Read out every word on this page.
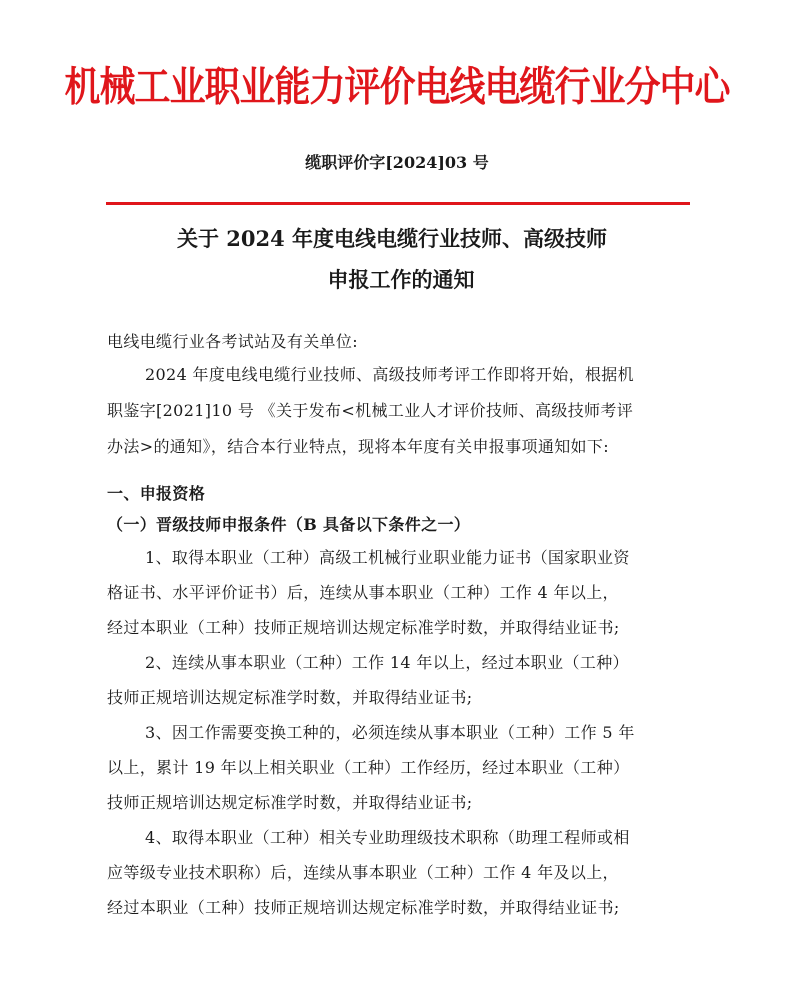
机械工业职业能力评价电线电缆行业分中心
缆职评价字[2024]03 号
关于 2024 年度电线电缆行业技师、高级技师
申报工作的通知
电线电缆行业各考试站及有关单位:
2024 年度电线电缆行业技师、高级技师考评工作即将开始，根据机
职鉴字[2021]10 号 《关于发布<机械工业人才评价技师、高级技师考评
办法>的通知》，结合本行业特点，现将本年度有关申报事项通知如下:
一、申报资格
（一）晋级技师申报条件（B 具备以下条件之一）
1、取得本职业（工种）高级工机械行业职业能力证书（国家职业资
格证书、水平评价证书）后，连续从事本职业（工种）工作 4 年以上，
经过本职业（工种）技师正规培训达规定标准学时数，并取得结业证书;
2、连续从事本职业（工种）工作 14 年以上，经过本职业（工种）
技师正规培训达规定标准学时数，并取得结业证书;
3、因工作需要变换工种的，必须连续从事本职业（工种）工作 5 年
以上，累计 19 年以上相关职业（工种）工作经历，经过本职业（工种）
技师正规培训达规定标准学时数，并取得结业证书;
4、取得本职业（工种）相关专业助理级技术职称（助理工程师或相
应等级专业技术职称）后，连续从事本职业（工种）工作 4 年及以上，
经过本职业（工种）技师正规培训达规定标准学时数，并取得结业证书;
